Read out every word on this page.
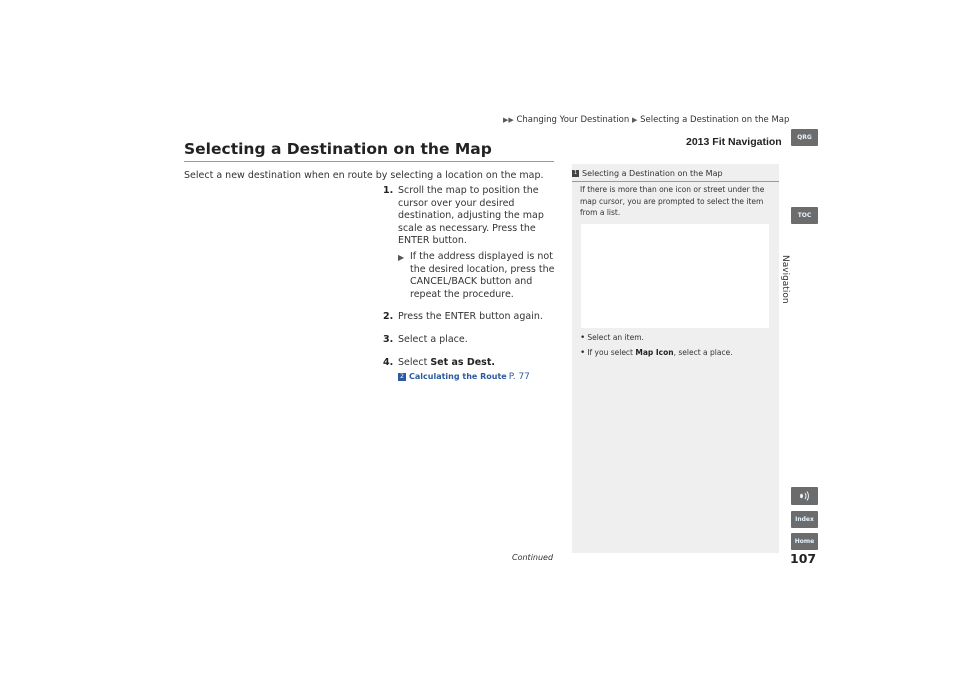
▶▶ Changing Your Destination ▶ Selecting a Destination on the Map
2013 Fit Navigation
Selecting a Destination on the Map
Select a new destination when en route by selecting a location on the map.
1. Scroll the map to position the cursor over your desired destination, adjusting the map scale as necessary. Press the ENTER button.
▶ If the address displayed is not the desired location, press the CANCEL/BACK button and repeat the procedure.
2. Press the ENTER button again.
3. Select a place.
4. Select Set as Dest.
2 Calculating the Route P. 77
Continued
1 Selecting a Destination on the Map
If there is more than one icon or street under the map cursor, you are prompted to select the item from a list.
• Select an item.
• If you select Map Icon, select a place.
QRG
TOC
Navigation
Index
Home
107
